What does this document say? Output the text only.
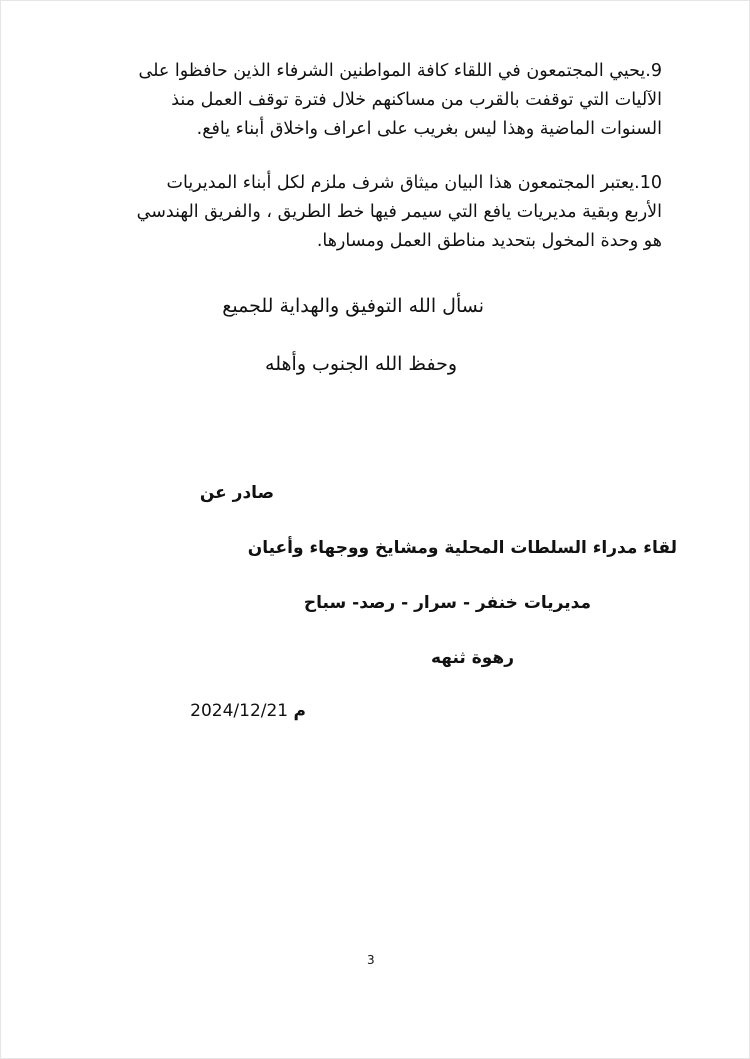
9.يحيي المجتمعون في اللقاء كافة المواطنين الشرفاء الذين حافظوا على
الآليات التي توقفت بالقرب من مساكنهم خلال فترة توقف العمل منذ
السنوات الماضية وهذا ليس بغريب على اعراف واخلاق أبناء يافع.
10.يعتبر المجتمعون هذا البيان ميثاق شرف ملزم لكل أبناء المديريات
الأربع وبقية مديريات يافع التي سيمر فيها خط الطريق ، والفريق الهندسي
هو وحدة المخول بتحديد مناطق العمل ومسارها.
نسأل الله التوفيق والهداية للجميع
وحفظ الله الجنوب وأهله
صادر عن
لقاء مدراء السلطات المحلية ومشايخ ووجهاء وأعيان
مديريات خنفر - سرار - رصد- سباح
رهوة ثنهه
م 2024/12/21
3
